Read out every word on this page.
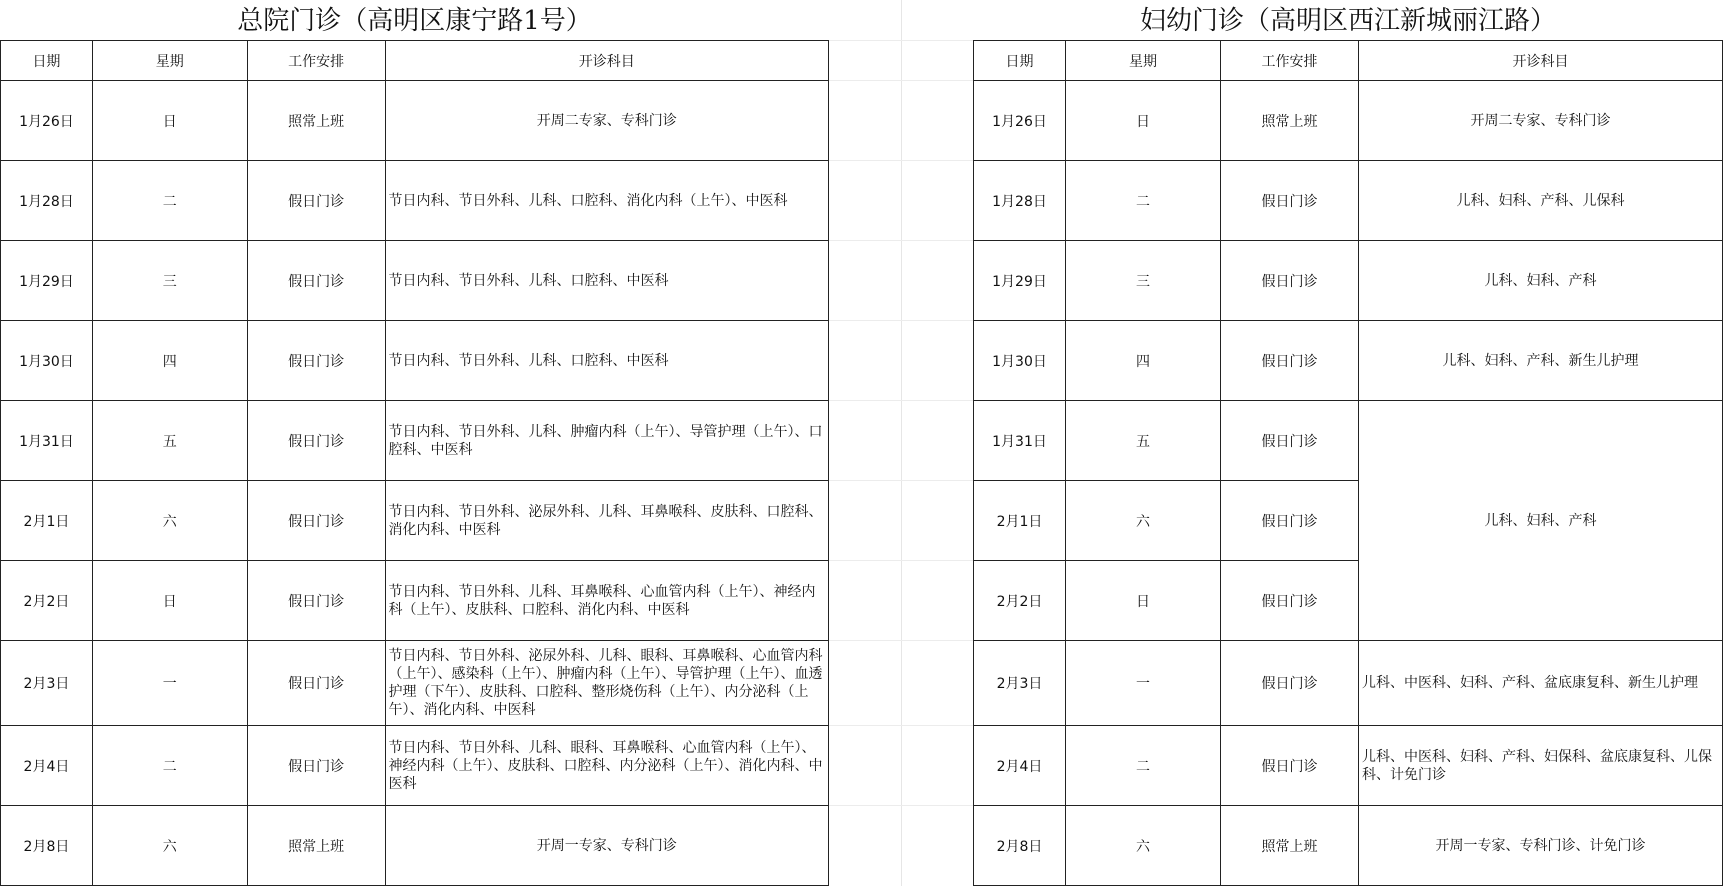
总院门诊（高明区康宁路1号）
日期	星期	工作安排	开诊科目
1月26日	日	照常上班	开周二专家、专科门诊
1月28日	二	假日门诊	节日内科、节日外科、儿科、口腔科、消化内科（上午）、中医科
1月29日	三	假日门诊	节日内科、节日外科、儿科、口腔科、中医科
1月30日	四	假日门诊	节日内科、节日外科、儿科、口腔科、中医科
1月31日	五	假日门诊	节日内科、节日外科、儿科、肿瘤内科（上午）、导管护理（上午）、口腔科、中医科
2月1日	六	假日门诊	节日内科、节日外科、泌尿外科、儿科、耳鼻喉科、皮肤科、口腔科、消化内科、中医科
2月2日	日	假日门诊	节日内科、节日外科、儿科、耳鼻喉科、心血管内科（上午）、神经内科（上午）、皮肤科、口腔科、消化内科、中医科
2月3日	一	假日门诊	节日内科、节日外科、泌尿外科、儿科、眼科、耳鼻喉科、心血管内科（上午）、感染科（上午）、肿瘤内科（上午）、导管护理（上午）、血透护理（下午）、皮肤科、口腔科、整形烧伤科（上午）、内分泌科（上午）、消化内科、中医科
2月4日	二	假日门诊	节日内科、节日外科、儿科、眼科、耳鼻喉科、心血管内科（上午）、神经内科（上午）、皮肤科、口腔科、内分泌科（上午）、消化内科、中医科
2月8日	六	照常上班	开周一专家、专科门诊
妇幼门诊（高明区西江新城丽江路）
日期	星期	工作安排	开诊科目
1月26日	日	照常上班	开周二专家、专科门诊
1月28日	二	假日门诊	儿科、妇科、产科、儿保科
1月29日	三	假日门诊	儿科、妇科、产科
1月30日	四	假日门诊	儿科、妇科、产科、新生儿护理
1月31日	五	假日门诊	儿科、妇科、产科
2月1日	六	假日门诊	
2月2日	日	假日门诊	
2月3日	一	假日门诊	儿科、中医科、妇科、产科、盆底康复科、新生儿护理
2月4日	二	假日门诊	儿科、中医科、妇科、产科、妇保科、盆底康复科、儿保科、计免门诊
2月8日	六	照常上班	开周一专家、专科门诊、计免门诊
